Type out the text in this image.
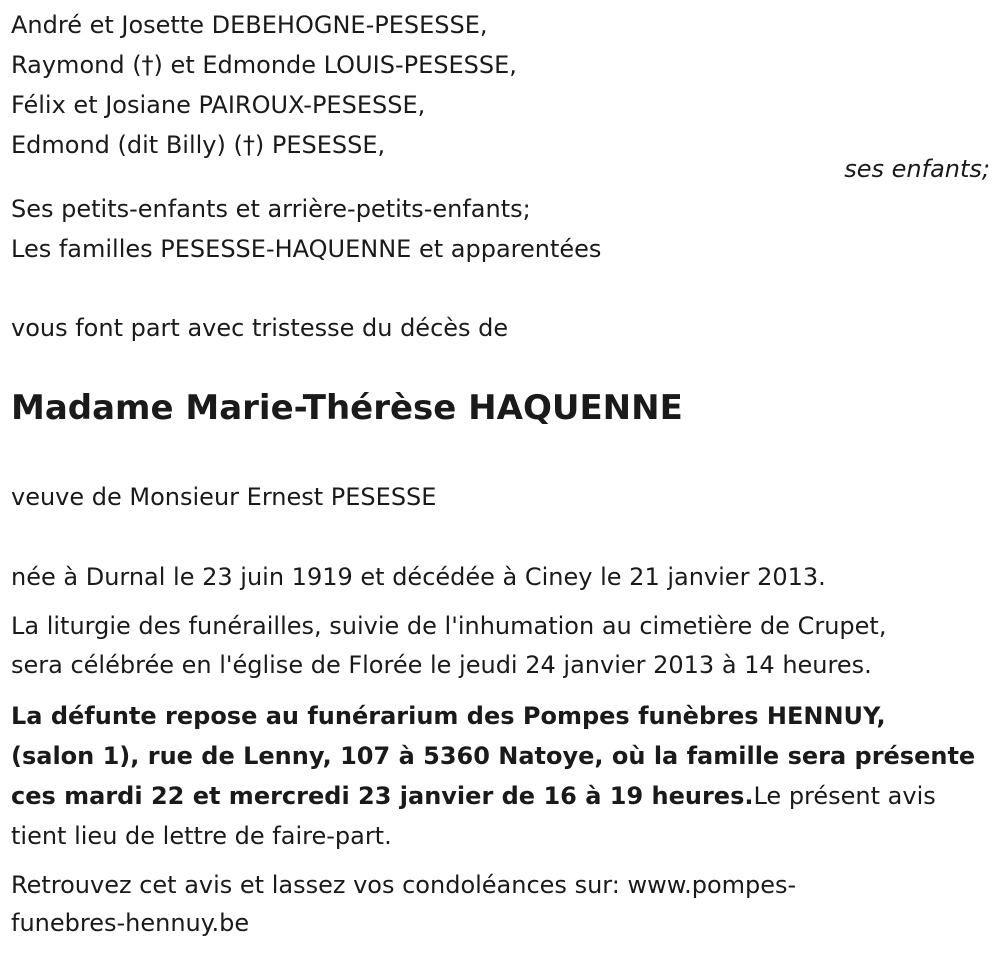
André et Josette DEBEHOGNE-PESESSE,
Raymond (†) et Edmonde LOUIS-PESESSE,
Félix et Josiane PAIROUX-PESESSE,
Edmond (dit Billy) (†) PESESSE,
ses enfants;
Ses petits-enfants et arrière-petits-enfants;
Les familles PESESSE-HAQUENNE et apparentées
vous font part avec tristesse du décès de
Madame Marie-Thérèse HAQUENNE
veuve de Monsieur Ernest PESESSE
née à Durnal le 23 juin 1919 et décédée à Ciney le 21 janvier 2013.
La liturgie des funérailles, suivie de l'inhumation au cimetière de Crupet,
sera célébrée en l'église de Florée le jeudi 24 janvier 2013 à 14 heures.
La défunte repose au funérarium des Pompes funèbres HENNUY,
(salon 1), rue de Lenny, 107 à 5360 Natoye, où la famille sera présente
ces mardi 22 et mercredi 23 janvier de 16 à 19 heures.Le présent avis
tient lieu de lettre de faire-part.
Retrouvez cet avis et lassez vos condoléances sur: www.pompes-
funebres-hennuy.be
